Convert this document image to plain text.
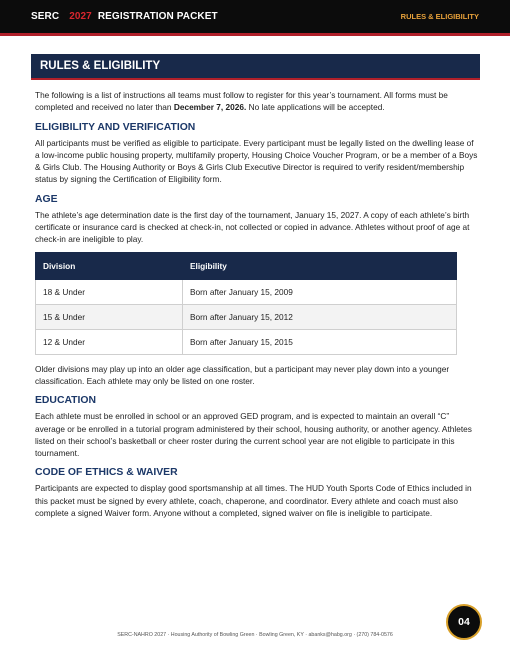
SERC 2027 REGISTRATION PACKET	RULES & ELIGIBILITY
RULES & ELIGIBILITY

The following is a list of instructions all teams must follow to register for this year’s tournament. All forms must be completed and received no later than December 7, 2026. No late applications will be accepted.

ELIGIBILITY AND VERIFICATION

All participants must be verified as eligible to participate. Every participant must be legally listed on the dwelling lease of a low-income public housing property, multifamily property, Housing Choice Voucher Program, or be a member of a Boys & Girls Club. The Housing Authority or Boys & Girls Club Executive Director is required to verify resident/membership status by signing the Certification of Eligibility form.

AGE

The athlete’s age determination date is the first day of the tournament, January 15, 2027. A copy of each athlete’s birth certificate or insurance card is checked at check-in, not collected or copied in advance. Athletes without proof of age at check-in are ineligible to play.

Division	Eligibility
18 & Under	Born after January 15, 2009
15 & Under	Born after January 15, 2012
12 & Under	Born after January 15, 2015

Older divisions may play up into an older age classification, but a participant may never play down into a younger classification. Each athlete may only be listed on one roster.

EDUCATION

Each athlete must be enrolled in school or an approved GED program, and is expected to maintain an overall “C” average or be enrolled in a tutorial program administered by their school, housing authority, or another agency. Athletes listed on their school’s basketball or cheer roster during the current school year are not eligible to participate in this tournament.

CODE OF ETHICS & WAIVER

Participants are expected to display good sportsmanship at all times. The HUD Youth Sports Code of Ethics included in this packet must be signed by every athlete, coach, chaperone, and coordinator. Every athlete and coach must also complete a signed Waiver form. Anyone without a completed, signed waiver on file is ineligible to participate.

04
SERC-NAHRO 2027 · Housing Authority of Bowling Green · Bowling Green, KY · abanks@habg.org · (270) 784-0576
